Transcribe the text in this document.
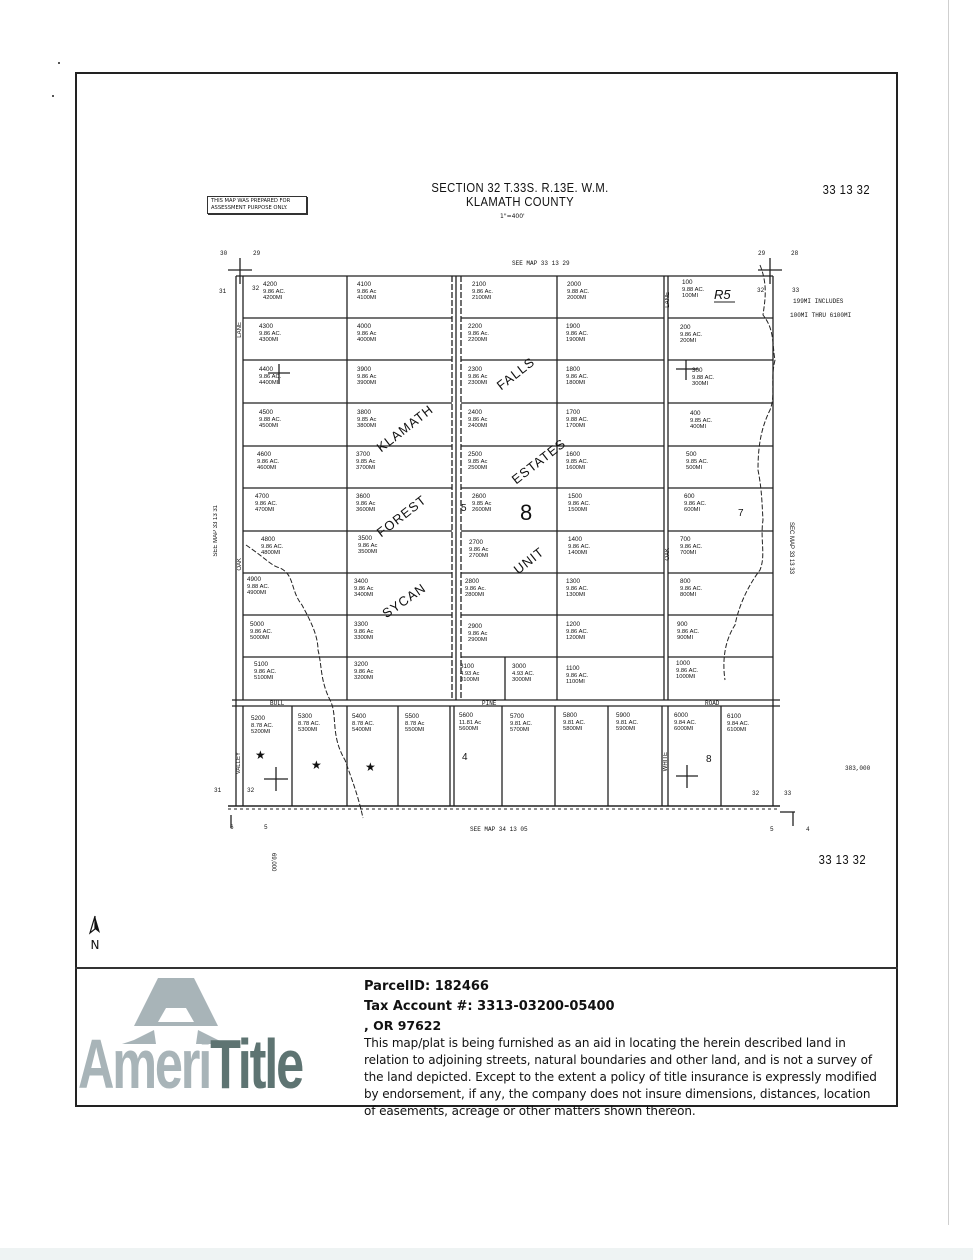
THIS MAP WAS PREPARED FOR ASSESSMENT PURPOSE ONLY.
SECTION 32 T.33S. R.13E. W.M.
KLAMATH COUNTY
1"=400'
33 13 32
33 13 32
SEE MAP 33 13 29
SEE MAP 34 13 05
SEE MAP 33 13 31	SEC MAP 33 13 33
199MI INCLUDES
100MI THRU 6100MI
R5
383,000
69,000
30	29
31	32
29	28
32	33
31	32
6	5
32	33
5	4
BULL	PINE	ROAD
LANE
LANE
OAK
OAK
VALLEY	WHITE
KLAMATH
FALLS
FOREST
ESTATES
SYCAN
UNIT
8
5	7
4	8
★
★	★
4200
9.86 AC.
4200MI
4100
9.86 Ac
4100MI
2100
9.86 Ac.
2100MI
2000
9.88 AC.
2000MI
100
9.88 AC.
100MI
4300
9.86 AC.
4300MI
4000
9.86 Ac
4000MI
2200
9.86 Ac.
2200MI
1900
9.86 AC.
1900MI
200
9.86 AC.
200MI
4400
9.86 AC.
4400MI
3900
9.86 Ac
3900MI
2300
9.86 Ac
2300MI
1800
9.86 AC.
1800MI
300
9.88 AC.
300MI
4500
9.88 AC.
4500MI
3800
9.85 Ac
3800MI
2400
9.86 Ac
2400MI
1700
9.88 AC.
1700MI
400
9.85 AC.
400MI
4600
9.86 AC.
4600MI
3700
9.85 Ac
3700MI
2500
9.85 Ac
2500MI
1600
9.85 AC.
1600MI
500
9.85 AC.
500MI
4700
9.86 AC.
4700MI
3600
9.86 Ac
3600MI
2600
9.85 Ac
2600MI
1500
9.86 AC.
1500MI
600
9.86 AC.
600MI
4800
9.86 AC.
4800MI
3500
9.86 Ac
3500MI
2700
9.86 Ac
2700MI
1400
9.86 AC.
1400MI
700
9.86 AC.
700MI
4900
9.88 AC.
4900MI
3400
9.86 Ac
3400MI
2800
9.86 Ac.
2800MI
1300
9.86 AC.
1300MI
800
9.86 AC.
800MI
5000
9.86 AC.
5000MI
3300
9.86 Ac
3300MI
2900
9.86 Ac
2900MI
1200
9.86 AC.
1200MI
900
9.86 AC.
900MI
5100
9.86 AC.
5100MI
3200
9.86 Ac
3200MI
3100
4.93 Ac
3100MI
3000
4.93 AC.
3000MI
1100
9.86 AC.
1100MI
1000
9.86 AC.
1000MI
5200
8.78 AC.
5200MI
5300
8.78 AC.
5300MI
5400
8.78 AC.
5400MI
5500
8.78 Ac
5500MI
5600
11.81 Ac
5600MI
5700
9.81 AC.
5700MI
5800
9.81 AC.
5800MI
5900
9.81 AC.
5900MI
6000
9.84 AC.
6000MI
6100
9.84 AC.
6100MI
N
AmeriTitle
ParcelID: 182466
Tax Account #: 3313-03200-05400
, OR 97622
This map/plat is being furnished as an aid in locating the herein described land in relation to adjoining streets, natural boundaries and other land, and is not a survey of the land depicted. Except to the extent a policy of title insurance is expressly modified by endorsement, if any, the company does not insure dimensions, distances, location of easements, acreage or other matters shown thereon.
